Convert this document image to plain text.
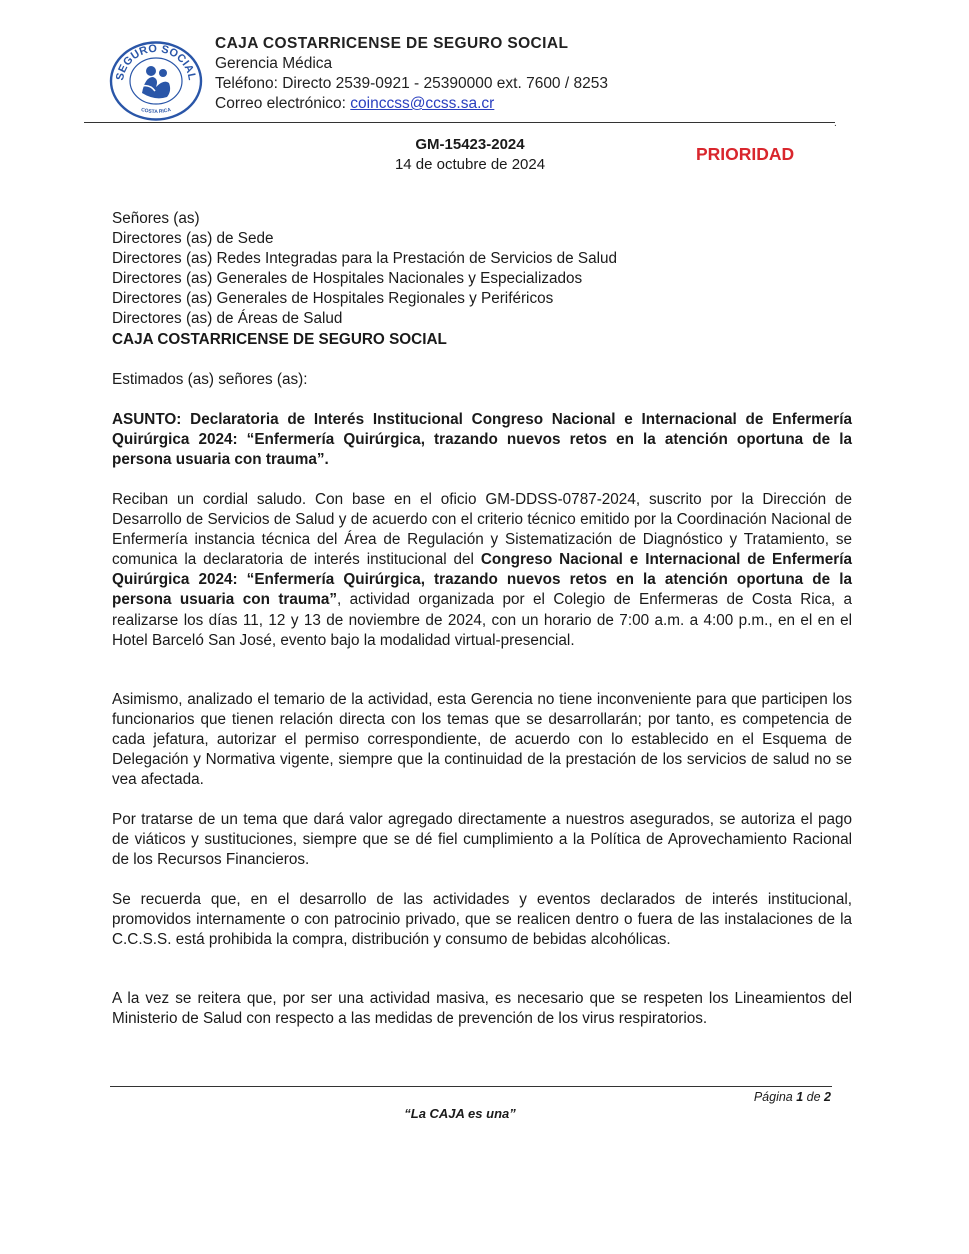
SEGURO SOCIAL
COSTA RICA
CAJA COSTARRICENSE DE SEGURO SOCIAL
Gerencia Médica
Teléfono: Directo 2539-0921 - 25390000 ext. 7600 / 8253
Correo electrónico: coinccss@ccss.sa.cr
.
GM-15423-2024
14 de octubre de 2024
PRIORIDAD
Señores (as)
Directores (as) de Sede
Directores (as) Redes Integradas para la Prestación de Servicios de Salud
Directores (as) Generales de Hospitales Nacionales y Especializados
Directores (as) Generales de Hospitales Regionales y Periféricos
Directores (as) de Áreas de Salud
CAJA COSTARRICENSE DE SEGURO SOCIAL
Estimados (as) señores (as):
ASUNTO: Declaratoria de Interés Institucional Congreso Nacional e Internacional de Enfermería Quirúrgica 2024: “Enfermería Quirúrgica, trazando nuevos retos en la atención oportuna de la persona usuaria con trauma”.
Reciban un cordial saludo. Con base en el oficio GM-DDSS-0787-2024, suscrito por la Dirección de Desarrollo de Servicios de Salud y de acuerdo con el criterio técnico emitido por la Coordinación Nacional de Enfermería instancia técnica del Área de Regulación y Sistematización de Diagnóstico y Tratamiento, se comunica la declaratoria de interés institucional del Congreso Nacional e Internacional de Enfermería Quirúrgica 2024: “Enfermería Quirúrgica, trazando nuevos retos en la atención oportuna de la persona usuaria con trauma”, actividad organizada por el Colegio de Enfermeras de Costa Rica, a realizarse los días 11, 12 y 13 de noviembre de 2024, con un horario de 7:00 a.m. a 4:00 p.m., en el en el Hotel Barceló San José, evento bajo la modalidad virtual-presencial.
Asimismo, analizado el temario de la actividad, esta Gerencia no tiene inconveniente para que participen los funcionarios que tienen relación directa con los temas que se desarrollarán; por tanto, es competencia de cada jefatura, autorizar el permiso correspondiente, de acuerdo con lo establecido en el Esquema de Delegación y Normativa vigente, siempre que la continuidad de la prestación de los servicios de salud no se vea afectada.
Por tratarse de un tema que dará valor agregado directamente a nuestros asegurados, se autoriza el pago de viáticos y sustituciones, siempre que se dé fiel cumplimiento a la Política de Aprovechamiento Racional de los Recursos Financieros.
Se recuerda que, en el desarrollo de las actividades y eventos declarados de interés institucional, promovidos internamente o con patrocinio privado, que se realicen dentro o fuera de las instalaciones de la C.C.S.S. está prohibida la compra, distribución y consumo de bebidas alcohólicas.
A la vez se reitera que, por ser una actividad masiva, es necesario que se respeten los Lineamientos del Ministerio de Salud con respecto a las medidas de prevención de los virus respiratorios.
Página 1 de 2
“La CAJA es una”
